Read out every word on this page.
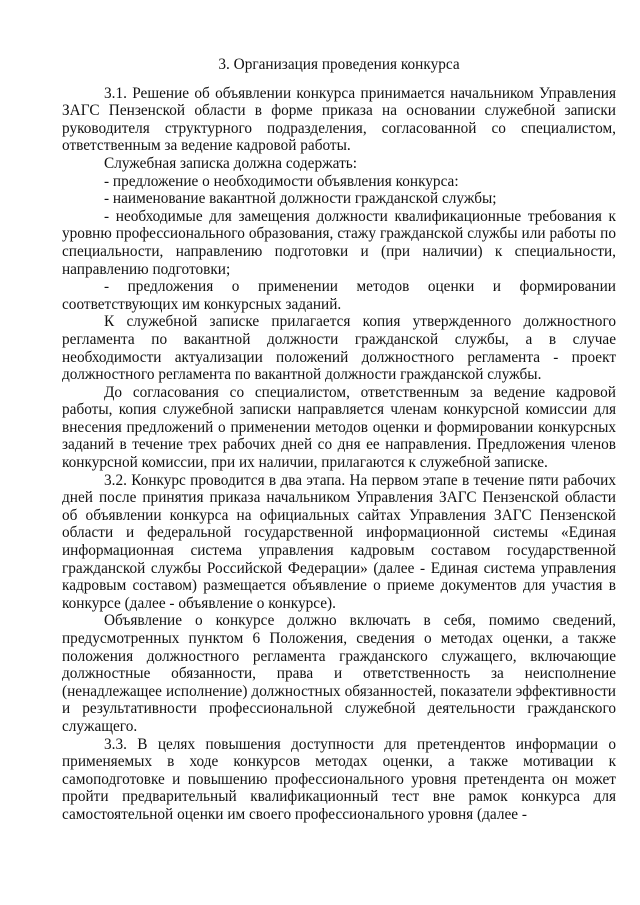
3. Организация проведения конкурса

3.1. Решение об объявлении конкурса принимается начальником Управления ЗАГС Пензенской области в форме приказа на основании служебной записки руководителя структурного подразделения, согласованной со специалистом, ответственным за ведение кадровой работы.

Служебная записка должна содержать:

- предложение о необходимости объявления конкурса:

- наименование вакантной должности гражданской службы;

- необходимые для замещения должности квалификационные требования к уровню профессионального образования, стажу гражданской службы или работы по специальности, направлению подготовки и (при наличии) к специальности, направлению подготовки;

- предложения о применении методов оценки и формировании соответствующих им конкурсных заданий.

К служебной записке прилагается копия утвержденного должностного регламента по вакантной должности гражданской службы, а в случае необходимости актуализации положений должностного регламента - проект должностного регламента по вакантной должности гражданской службы.

До согласования со специалистом, ответственным за ведение кадровой работы, копия служебной записки направляется членам конкурсной комиссии для внесения предложений о применении методов оценки и формировании конкурсных заданий в течение трех рабочих дней со дня ее направления. Предложения членов конкурсной комиссии, при их наличии, прилагаются к служебной записке.

3.2. Конкурс проводится в два этапа. На первом этапе в течение пяти рабочих дней после принятия приказа начальником Управления ЗАГС Пензенской области об объявлении конкурса на официальных сайтах Управления ЗАГС Пензенской области и федеральной государственной информационной системы «Единая информационная система управления кадровым составом государственной гражданской службы Российской Федерации» (далее - Единая система управления кадровым составом) размещается объявление о приеме документов для участия в конкурсе (далее - объявление о конкурсе).

Объявление о конкурсе должно включать в себя, помимо сведений, предусмотренных пунктом 6 Положения, сведения о методах оценки, а также положения должностного регламента гражданского служащего, включающие должностные обязанности, права и ответственность за неисполнение (ненадлежащее исполнение) должностных обязанностей, показатели эффективности и результативности профессиональной служебной деятельности гражданского служащего.

3.3. В целях повышения доступности для претендентов информации о применяемых в ходе конкурсов методах оценки, а также мотивации к самоподготовке и повышению профессионального уровня претендента он может пройти предварительный квалификационный тест вне рамок конкурса для самостоятельной оценки им своего профессионального уровня (далее -
